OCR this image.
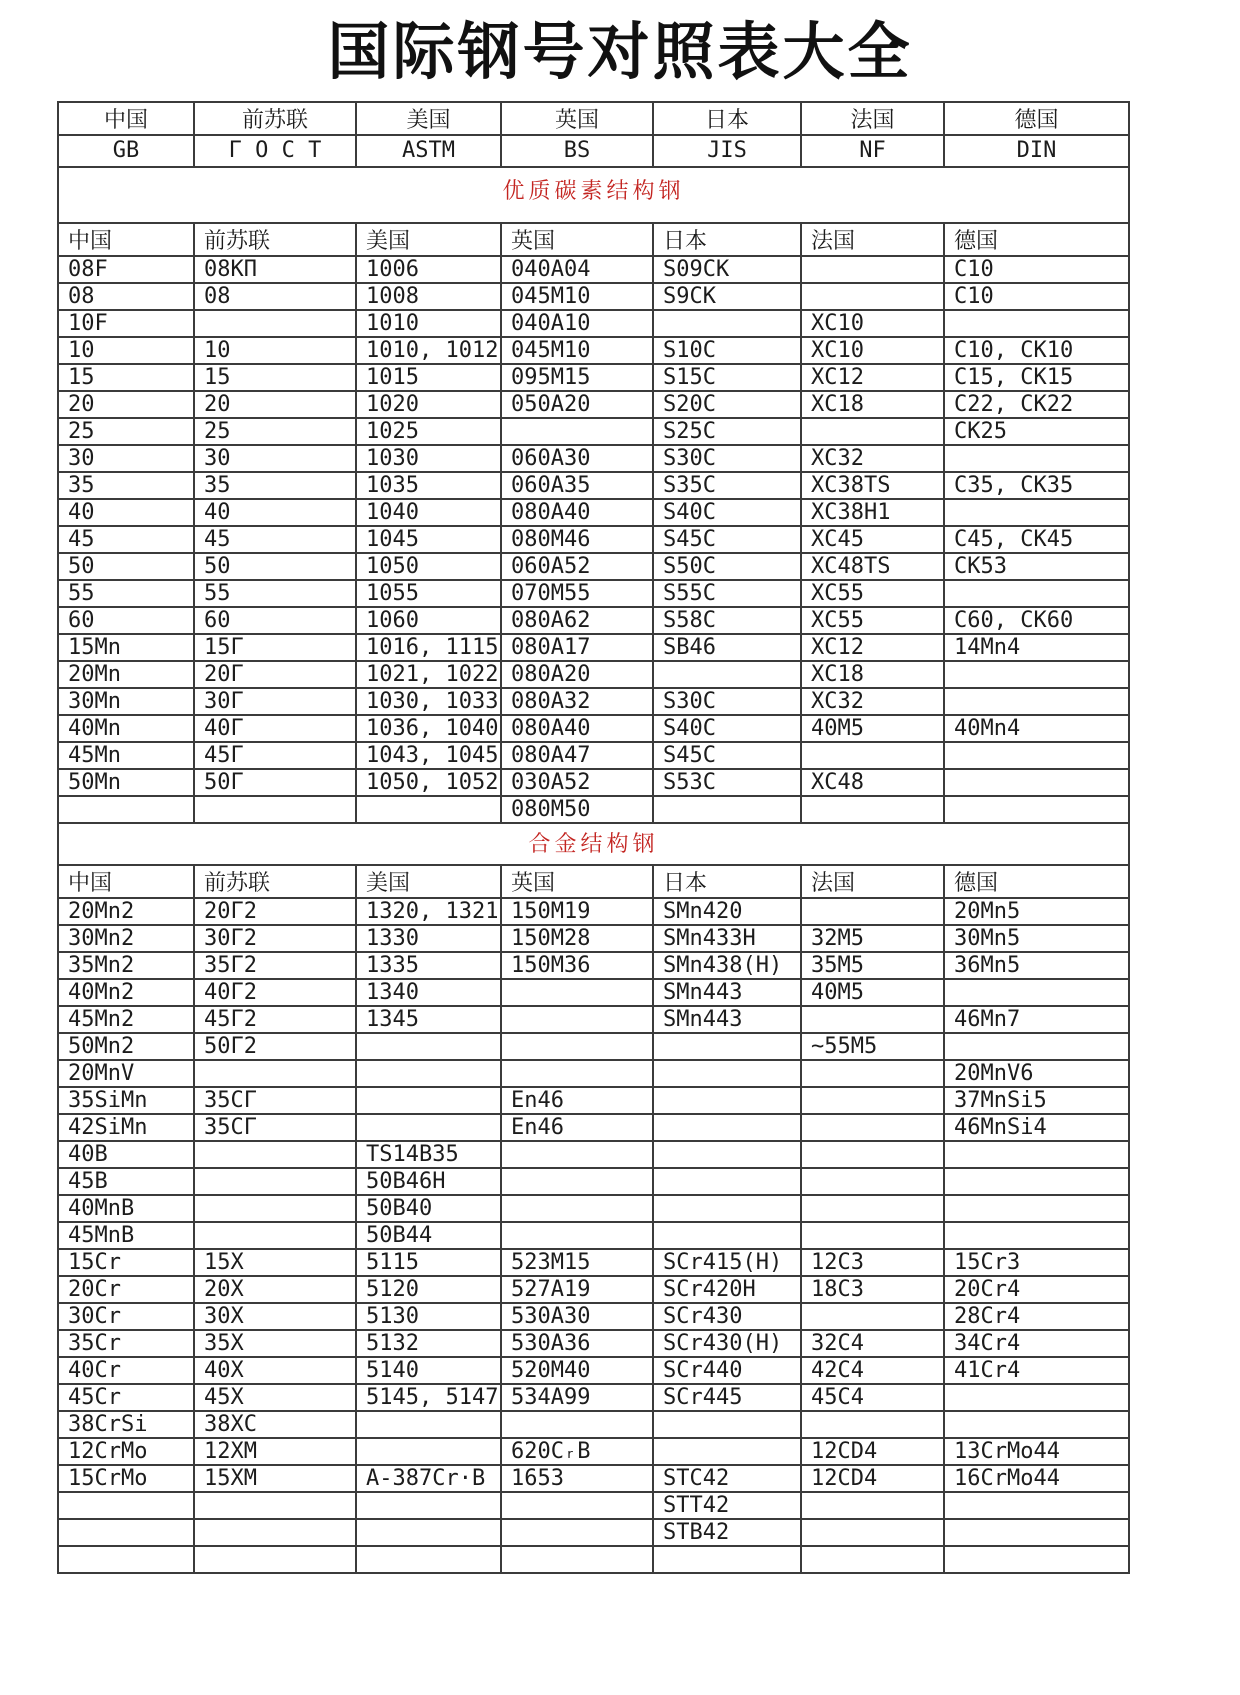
国际钢号对照表大全
中国	前苏联	美国	英国	日本	法国	德国
GB	Г О С Т	ASTM	BS	JIS	NF	DIN
优质碳素结构钢						
中国	前苏联	美国	英国	日本	法国	德国
08F	08КП	1006	040A04	S09CK		C10
08	08	1008	045M10	S9CK		C10
10F		1010	040A10		XC10	
10	10	1010, 1012	045M10	S10C	XC10	C10, CK10
15	15	1015	095M15	S15C	XC12	C15, CK15
20	20	1020	050A20	S20C	XC18	C22, CK22
25	25	1025		S25C		CK25
30	30	1030	060A30	S30C	XC32	
35	35	1035	060A35	S35C	XC38TS	C35, CK35
40	40	1040	080A40	S40C	XC38H1	
45	45	1045	080M46	S45C	XC45	C45, CK45
50	50	1050	060A52	S50C	XC48TS	CK53
55	55	1055	070M55	S55C	XC55	
60	60	1060	080A62	S58C	XC55	C60, CK60
15Mn	15Г	1016, 1115	080A17	SB46	XC12	14Mn4
20Mn	20Г	1021, 1022	080A20		XC18	
30Mn	30Г	1030, 1033	080A32	S30C	XC32	
40Mn	40Г	1036, 1040	080A40	S40C	40M5	40Mn4
45Mn	45Г	1043, 1045	080A47	S45C		
50Mn	50Г	1050, 1052	030A52	S53C	XC48	
			080M50			
合金结构钢						
中国	前苏联	美国	英国	日本	法国	德国
20Mn2	20Г2	1320, 1321	150M19	SMn420		20Mn5
30Mn2	30Г2	1330	150M28	SMn433H	32M5	30Mn5
35Mn2	35Г2	1335	150M36	SMn438(H)	35M5	36Mn5
40Mn2	40Г2	1340		SMn443	40M5	
45Mn2	45Г2	1345		SMn443		46Mn7
50Mn2	50Г2				~55M5	
20MnV						20MnV6
35SiMn	35СГ		En46			37MnSi5
42SiMn	35СГ		En46			46MnSi4
40B		TS14B35				
45B		50B46H				
40MnB		50B40				
45MnB		50B44				
15Cr	15X	5115	523M15	SCr415(H)	12C3	15Cr3
20Cr	20X	5120	527A19	SCr420H	18C3	20Cr4
30Cr	30X	5130	530A30	SCr430		28Cr4
35Cr	35X	5132	530A36	SCr430(H)	32C4	34Cr4
40Cr	40X	5140	520M40	SCr440	42C4	41Cr4
45Cr	45X	5145, 5147	534A99	SCr445	45C4	
38CrSi	38XC					
12CrMo	12XM		620CᵣB		12CD4	13CrMo44
15CrMo	15XM	A-387Cr·B	1653	STC42	12CD4	16CrMo44
				STT42		
				STB42		
